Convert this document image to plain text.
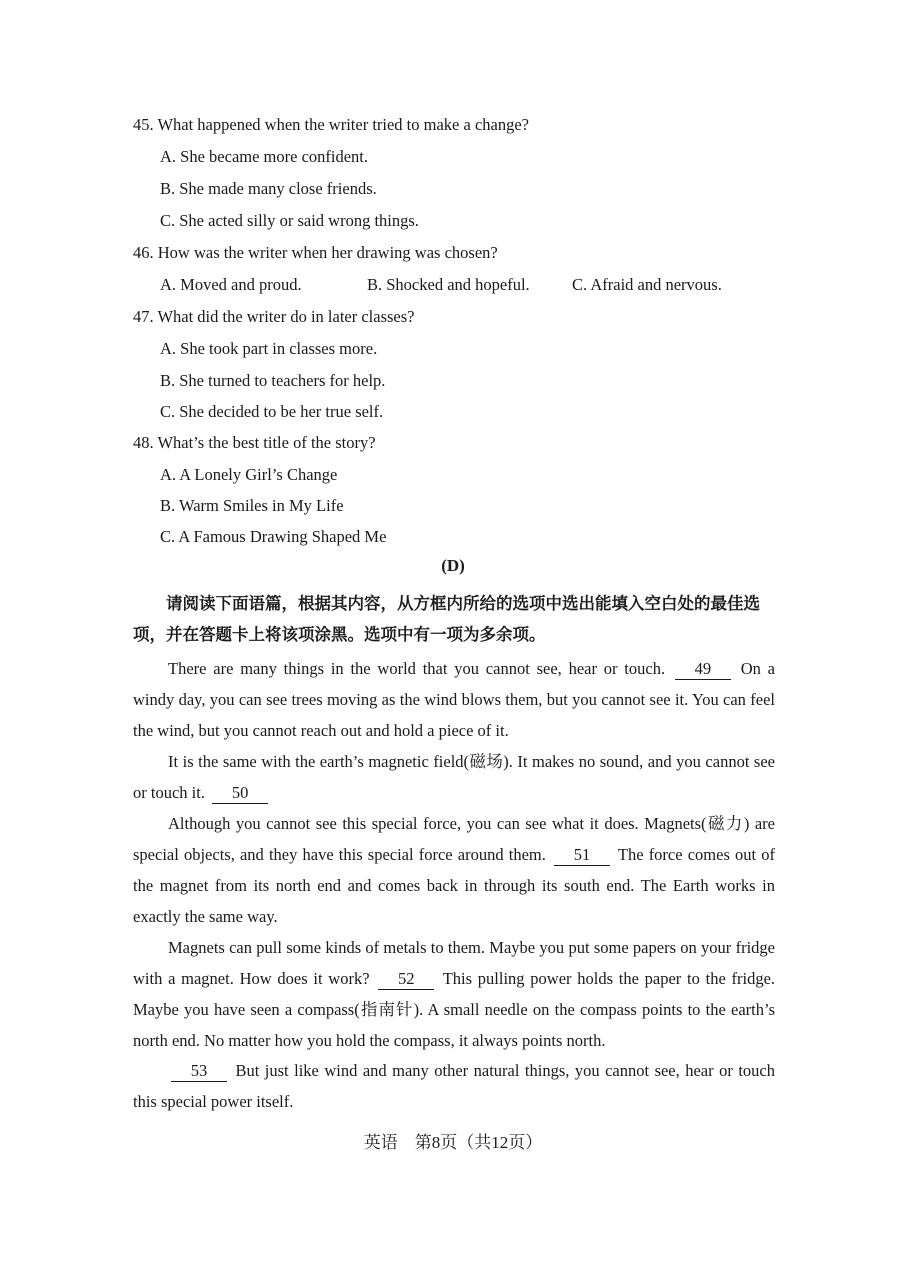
45. What happened when the writer tried to make a change?
A. She became more confident.
B. She made many close friends.
C. She acted silly or said wrong things.
46. How was the writer when her drawing was chosen?
A. Moved and proud.	B. Shocked and hopeful.	C. Afraid and nervous.
47. What did the writer do in later classes?
A. She took part in classes more.
B. She turned to teachers for help.
C. She decided to be her true self.
48. What’s the best title of the story?
A. A Lonely Girl’s Change
B. Warm Smiles in My Life
C. A Famous Drawing Shaped Me
(D)
请阅读下面语篇，根据其内容，从方框内所给的选项中选出能填入空白处的最佳选项，并在答题卡上将该项涂黑。选项中有一项为多余项。
There are many things in the world that you cannot see, hear or touch. 49 On a windy day, you can see trees moving as the wind blows them, but you cannot see it. You can feel the wind, but you cannot reach out and hold a piece of it.
It is the same with the earth’s magnetic field(磁场). It makes no sound, and you cannot see or touch it. 50
Although you cannot see this special force, you can see what it does. Magnets(磁力) are special objects, and they have this special force around them. 51 The force comes out of the magnet from its north end and comes back in through its south end. The Earth works in exactly the same way.
Magnets can pull some kinds of metals to them. Maybe you put some papers on your fridge with a magnet. How does it work? 52 This pulling power holds the paper to the fridge. Maybe you have seen a compass(指南针). A small needle on the compass points to the earth’s north end. No matter how you hold the compass, it always points north.
53 But just like wind and many other natural things, you cannot see, hear or touch this special power itself.
英语　第8页（共12页）
